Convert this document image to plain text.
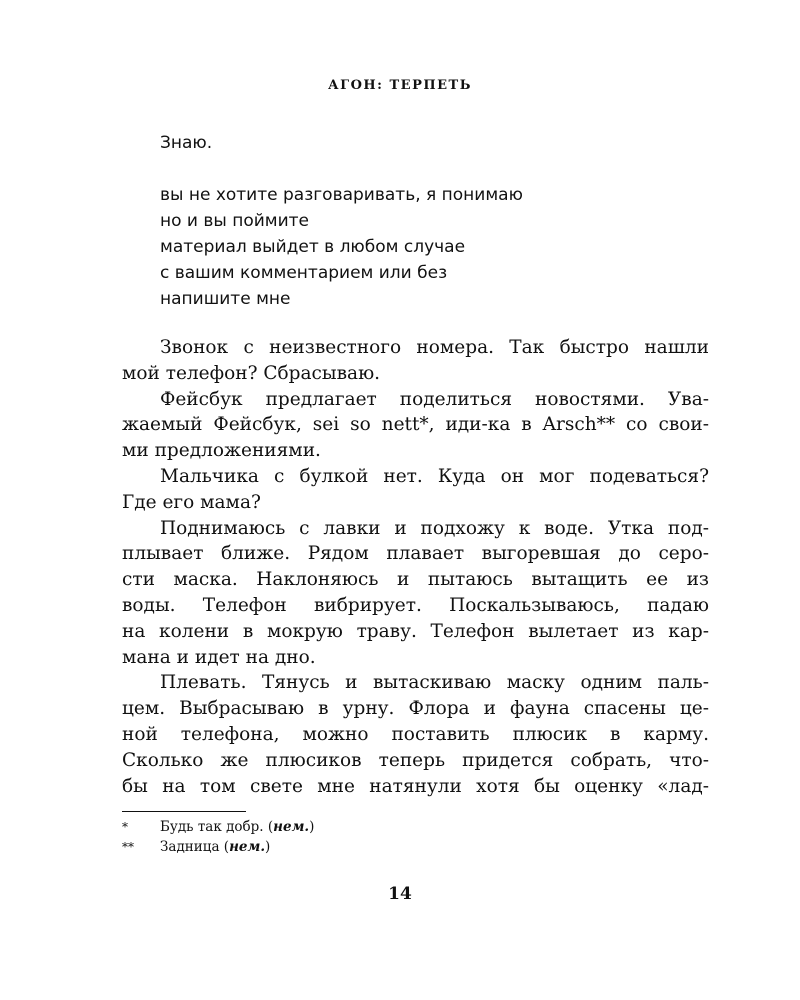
АГОН: ТЕРПЕТЬ
Знаю.
вы не хотите разговаривать, я понимаю
но и вы поймите
материал выйдет в любом случае
с вашим комментарием или без
напишите мне
Звонок с неизвестного номера. Так быстро нашли
мой телефон? Сбрасываю.
Фейсбук предлагает поделиться новостями. Ува-
жаемый Фейсбук, sei so nett*, иди-ка в Arsch** со свои-
ми предложениями.
Мальчика с булкой нет. Куда он мог подеваться?
Где его мама?
Поднимаюсь с лавки и подхожу к воде. Утка под-
плывает ближе. Рядом плавает выгоревшая до серо-
сти маска. Наклоняюсь и пытаюсь вытащить ее из
воды. Телефон вибрирует. Поскальзываюсь, падаю
на колени в мокрую траву. Телефон вылетает из кар-
мана и идет на дно.
Плевать. Тянусь и вытаскиваю маску одним паль-
цем. Выбрасываю в урну. Флора и фауна спасены це-
ной телефона, можно поставить плюсик в карму.
Сколько же плюсиков теперь придется собрать, что-
бы на том свете мне натянули хотя бы оценку «лад-
* Будь так добр. (нем.)
** Задница (нем.)
14
